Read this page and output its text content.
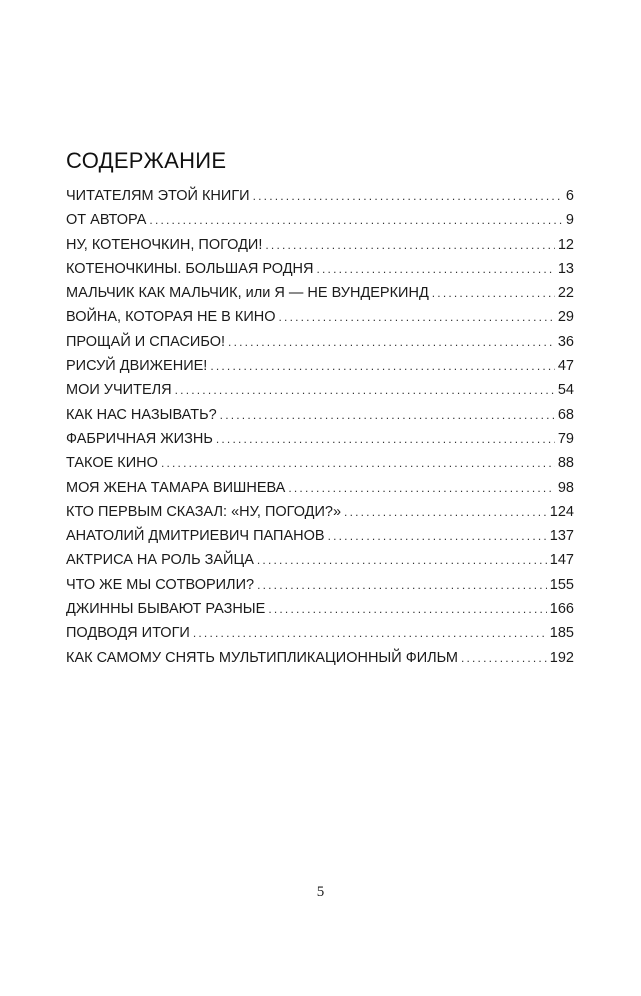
СОДЕРЖАНИЕ
ЧИТАТЕЛЯМ ЭТОЙ КНИГИ .....	6
ОТ АВТОРА .....	9
НУ, КОТЕНОЧКИН, ПОГОДИ! .....	12
КОТЕНОЧКИНЫ. БОЛЬШАЯ РОДНЯ .....	13
МАЛЬЧИК КАК МАЛЬЧИК, или Я — НЕ ВУНДЕРКИНД .....	22
ВОЙНА, КОТОРАЯ НЕ В КИНО .....	29
ПРОЩАЙ И СПАСИБО! .....	36
РИСУЙ ДВИЖЕНИЕ! .....	47
МОИ УЧИТЕЛЯ .....	54
КАК НАС НАЗЫВАТЬ? .....	68
ФАБРИЧНАЯ ЖИЗНЬ .....	79
ТАКОЕ КИНО .....	88
МОЯ ЖЕНА ТАМАРА ВИШНЕВА .....	98
КТО ПЕРВЫМ СКАЗАЛ: «НУ, ПОГОДИ?» .....	124
АНАТОЛИЙ ДМИТРИЕВИЧ ПАПАНОВ .....	137
АКТРИСА НА РОЛЬ ЗАЙЦА .....	147
ЧТО ЖЕ МЫ СОТВОРИЛИ? .....	155
ДЖИННЫ БЫВАЮТ РАЗНЫЕ .....	166
ПОДВОДЯ ИТОГИ .....	185
КАК САМОМУ СНЯТЬ МУЛЬТИПЛИКАЦИОННЫЙ ФИЛЬМ .....	192
5
